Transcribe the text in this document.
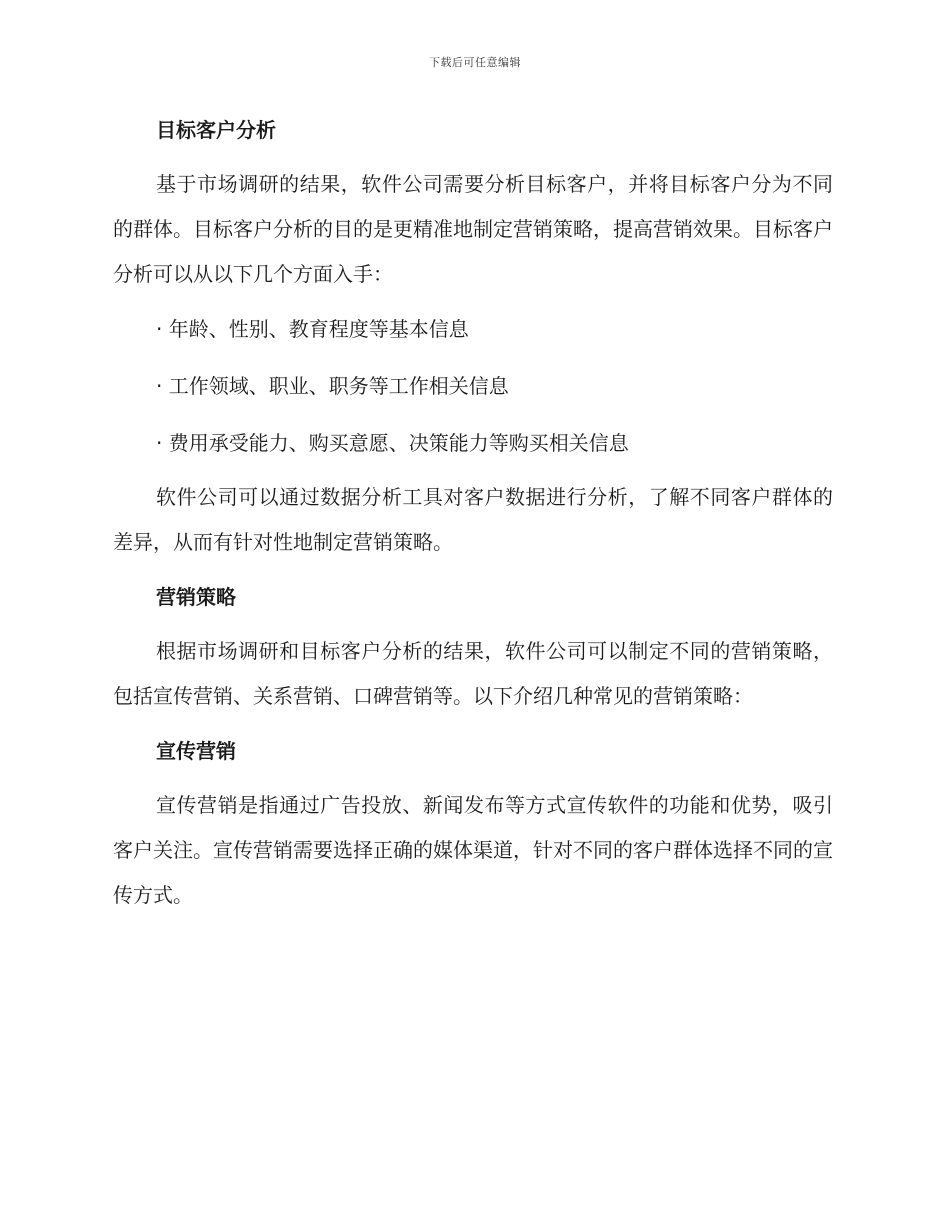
下载后可任意编辑
目标客户分析

基于市场调研的结果，软件公司需要分析目标客户，并将目标客户分为不同的群体。目标客户分析的目的是更精准地制定营销策略，提高营销效果。目标客户分析可以从以下几个方面入手：

· 年龄、性别、教育程度等基本信息
· 工作领域、职业、职务等工作相关信息
· 费用承受能力、购买意愿、决策能力等购买相关信息

软件公司可以通过数据分析工具对客户数据进行分析，了解不同客户群体的差异，从而有针对性地制定营销策略。

营销策略

根据市场调研和目标客户分析的结果，软件公司可以制定不同的营销策略，包括宣传营销、关系营销、口碑营销等。以下介绍几种常见的营销策略：

宣传营销

宣传营销是指通过广告投放、新闻发布等方式宣传软件的功能和优势，吸引客户关注。宣传营销需要选择正确的媒体渠道，针对不同的客户群体选择不同的宣传方式。
